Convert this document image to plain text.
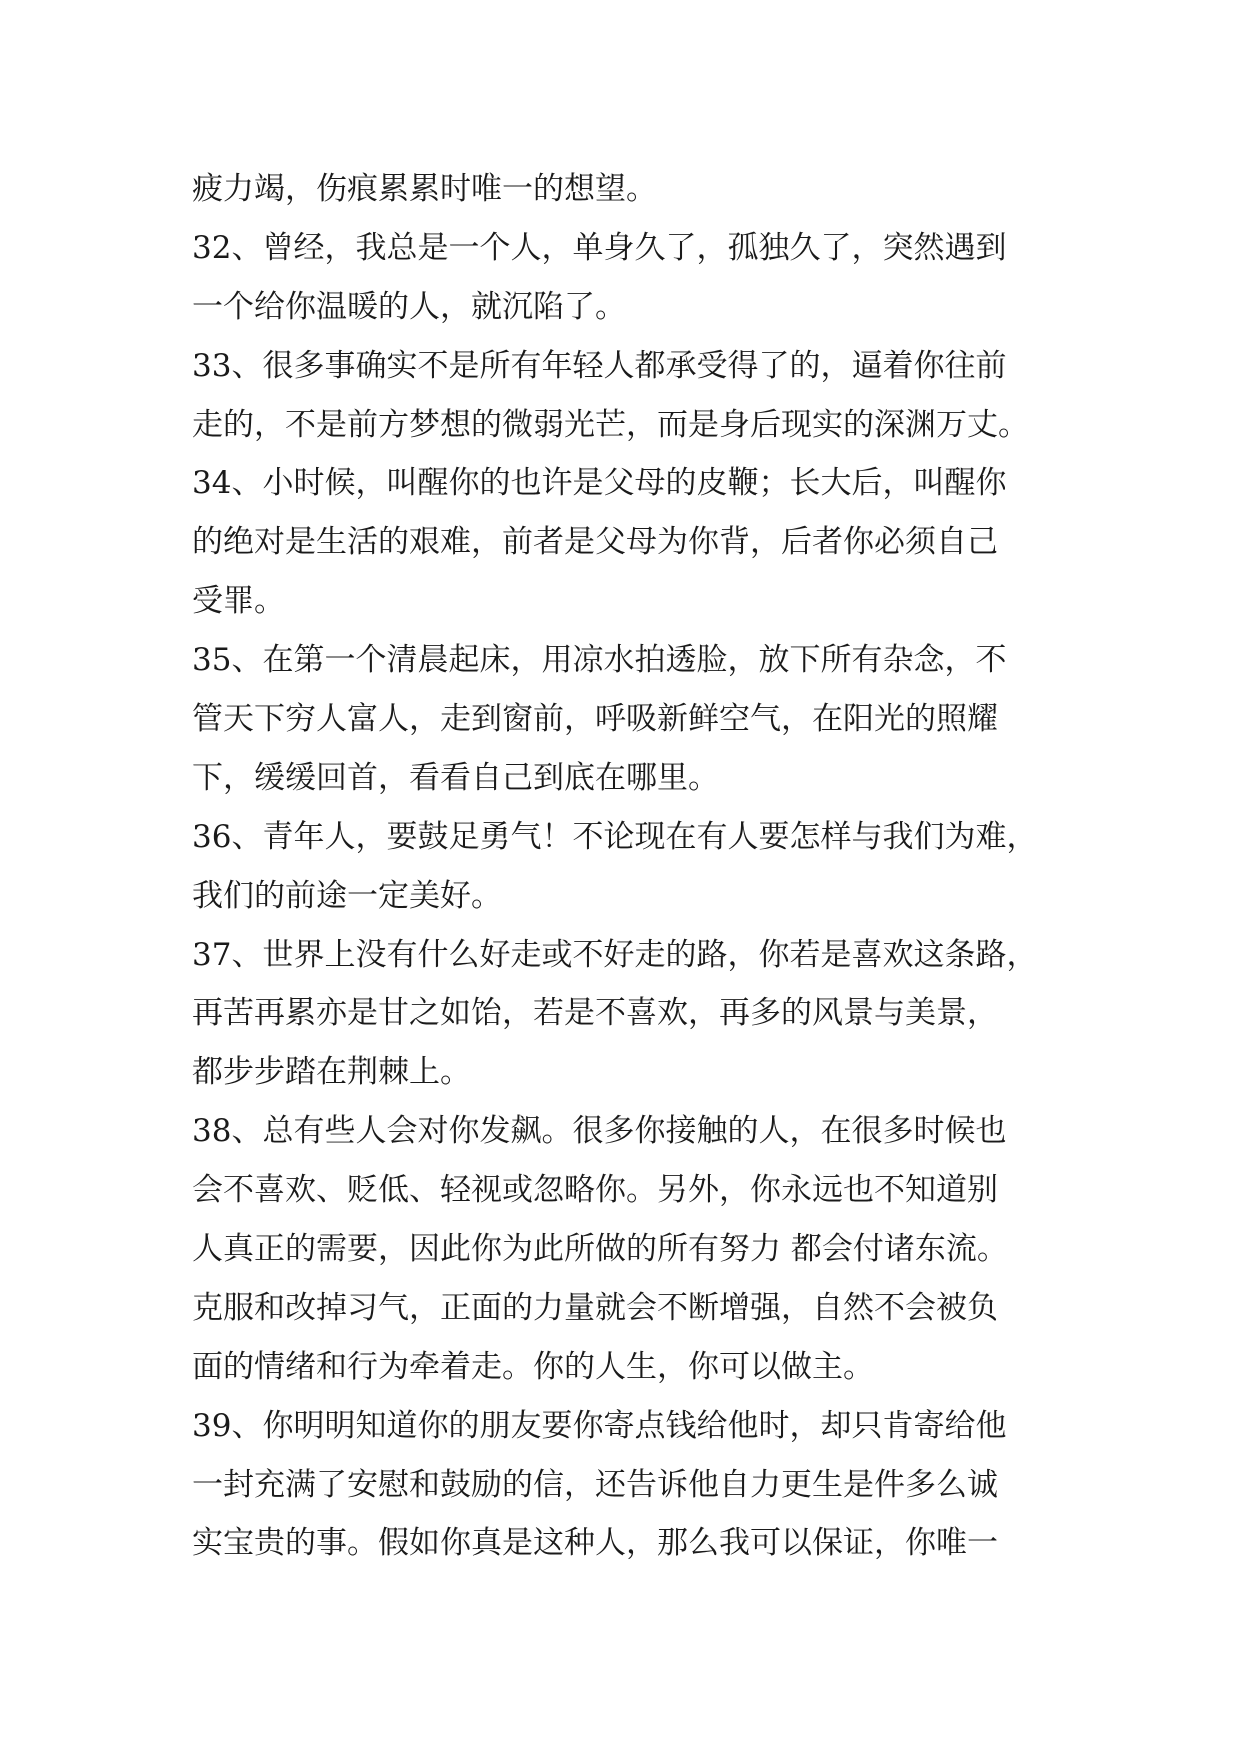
疲力竭，伤痕累累时唯一的想望。
32、曾经，我总是一个人，单身久了，孤独久了，突然遇到
一个给你温暖的人，就沉陷了。
33、很多事确实不是所有年轻人都承受得了的，逼着你往前
走的，不是前方梦想的微弱光芒，而是身后现实的深渊万丈。
34、小时候，叫醒你的也许是父母的皮鞭；长大后，叫醒你
的绝对是生活的艰难，前者是父母为你背，后者你必须自己
受罪。
35、在第一个清晨起床，用凉水拍透脸，放下所有杂念，不
管天下穷人富人，走到窗前，呼吸新鲜空气，在阳光的照耀
下，缓缓回首，看看自己到底在哪里。
36、青年人，要鼓足勇气！不论现在有人要怎样与我们为难，
我们的前途一定美好。
37、世界上没有什么好走或不好走的路，你若是喜欢这条路，
再苦再累亦是甘之如饴，若是不喜欢，再多的风景与美景，
都步步踏在荆棘上。
38、总有些人会对你发飙。很多你接触的人，在很多时候也
会不喜欢、贬低、轻视或忽略你。另外，你永远也不知道别
人真正的需要，因此你为此所做的所有努力 都会付诸东流。
克服和改掉习气，正面的力量就会不断增强，自然不会被负
面的情绪和行为牵着走。你的人生，你可以做主。
39、你明明知道你的朋友要你寄点钱给他时，却只肯寄给他
一封充满了安慰和鼓励的信，还告诉他自力更生是件多么诚
实宝贵的事。假如你真是这种人，那么我可以保证，你唯一
